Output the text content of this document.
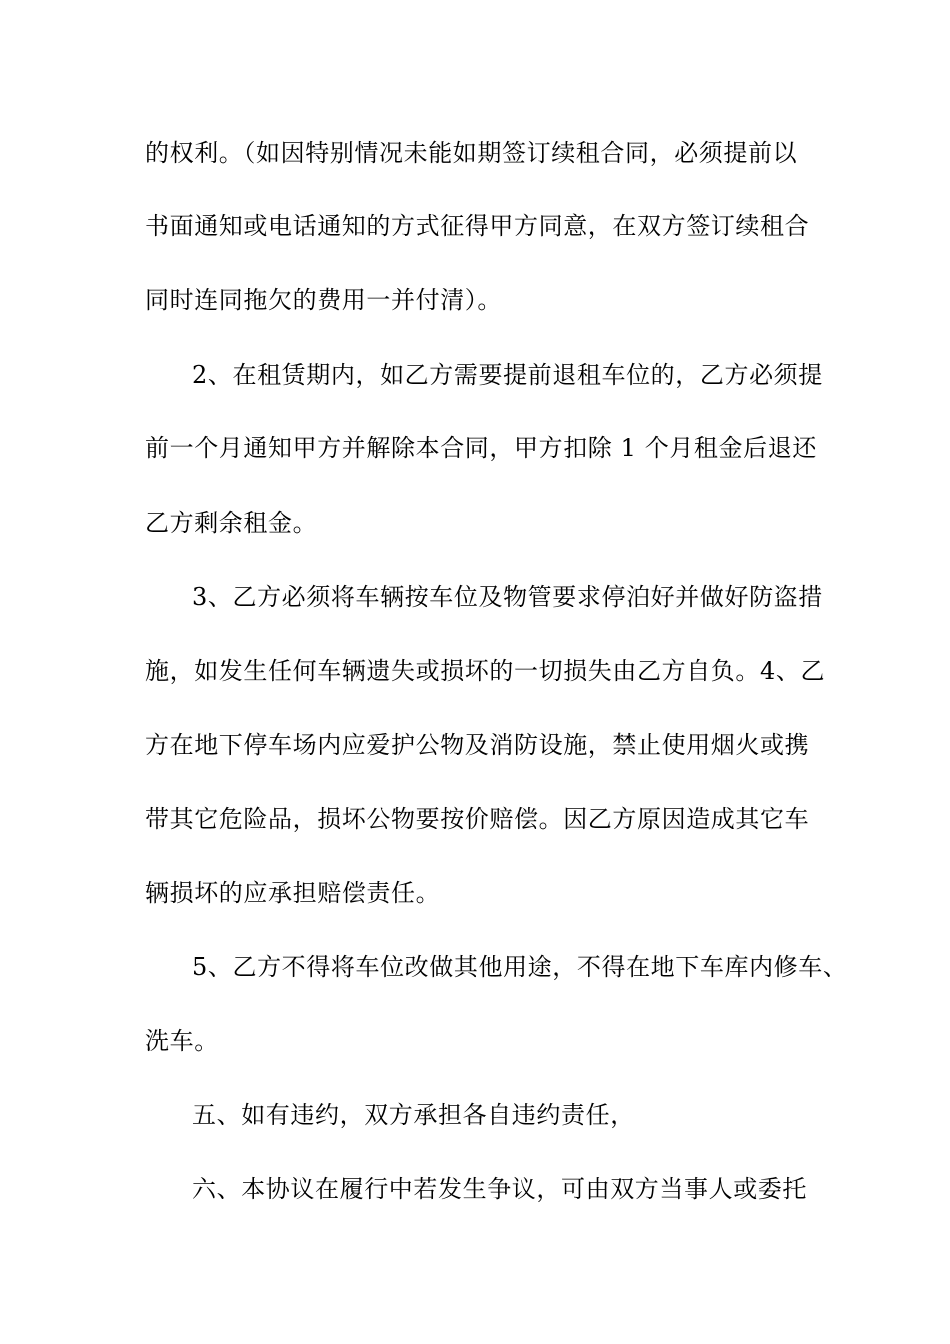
的权利。（如因特别情况未能如期签订续租合同，必须提前以
书面通知或电话通知的方式征得甲方同意，在双方签订续租合
同时连同拖欠的费用一并付清）。
2、在租赁期内，如乙方需要提前退租车位的，乙方必须提
前一个月通知甲方并解除本合同，甲方扣除 1 个月租金后退还
乙方剩余租金。
3、乙方必须将车辆按车位及物管要求停泊好并做好防盗措
施，如发生任何车辆遗失或损坏的一切损失由乙方自负。4、乙
方在地下停车场内应爱护公物及消防设施，禁止使用烟火或携
带其它危险品，损坏公物要按价赔偿。因乙方原因造成其它车
辆损坏的应承担赔偿责任。
5、乙方不得将车位改做其他用途，不得在地下车库内修车、
洗车。
五、如有违约，双方承担各自违约责任，
六、本协议在履行中若发生争议，可由双方当事人或委托
